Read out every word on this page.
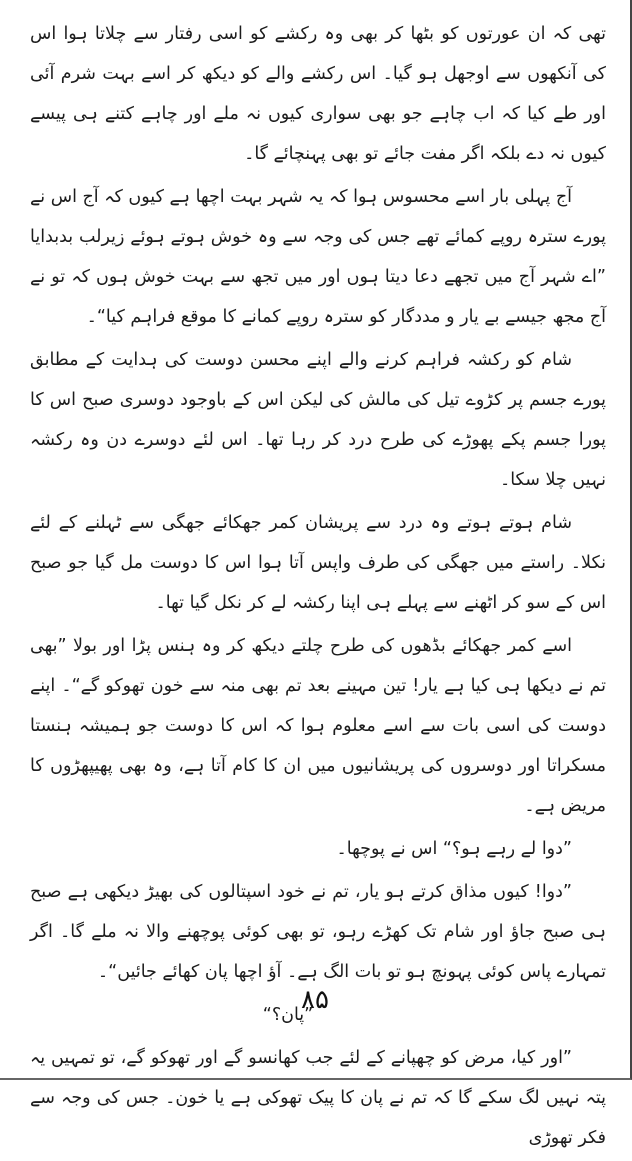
تھی کہ ان عورتوں کو بٹھا کر بھی وہ رکشے کو اسی رفتار سے چلاتا ہوا اس کی آنکھوں سے اوجھل ہو گیا۔ اس رکشے والے کو دیکھ کر اسے بہت شرم آئی اور طے کیا کہ اب چاہے جو بھی سواری کیوں نہ ملے اور چاہے کتنے ہی پیسے کیوں نہ دے بلکہ اگر مفت جائے تو بھی پہنچائے گا۔

آج پہلی بار اسے محسوس ہوا کہ یہ شہر بہت اچھا ہے کیوں کہ آج اس نے پورے سترہ روپے کمائے تھے جس کی وجہ سے وہ خوش ہوتے ہوئے زیرلب بدبدایا ”اے شہر آج میں تجھے دعا دیتا ہوں اور میں تجھ سے بہت خوش ہوں کہ تو نے آج مجھ جیسے بے یار و مددگار کو سترہ روپے کمانے کا موقع فراہم کیا“۔

شام کو رکشہ فراہم کرنے والے اپنے محسن دوست کی ہدایت کے مطابق پورے جسم پر کڑوے تیل کی مالش کی لیکن اس کے باوجود دوسری صبح اس کا پورا جسم پکے پھوڑے کی طرح درد کر رہا تھا۔ اس لئے دوسرے دن وہ رکشہ نہیں چلا سکا۔

شام ہوتے ہوتے وہ درد سے پریشان کمر جھکائے جھگی سے ٹہلنے کے لئے نکلا۔ راستے میں جھگی کی طرف واپس آتا ہوا اس کا دوست مل گیا جو صبح اس کے سو کر اٹھنے سے پہلے ہی اپنا رکشہ لے کر نکل گیا تھا۔

اسے کمر جھکائے بڈھوں کی طرح چلتے دیکھ کر وہ ہنس پڑا اور بولا ”بھی تم نے دیکھا ہی کیا ہے یار! تین مہینے بعد تم بھی منہ سے خون تھوکو گے“۔ اپنے دوست کی اسی بات سے اسے معلوم ہوا کہ اس کا دوست جو ہمیشہ ہنستا مسکراتا اور دوسروں کی پریشانیوں میں ان کا کام آتا ہے، وہ بھی پھیپھڑوں کا مریض ہے۔

”دوا لے رہے ہو؟“ اس نے پوچھا۔

”دوا! کیوں مذاق کرتے ہو یار، تم نے خود اسپتالوں کی بھیڑ دیکھی ہے صبح ہی صبح جاؤ اور شام تک کھڑے رہو، تو بھی کوئی پوچھنے والا نہ ملے گا۔ اگر تمہارے پاس کوئی پہونچ ہو تو بات الگ ہے۔ آؤ اچھا پان کھائے جائیں“۔

”پان؟“

”اور کیا، مرض کو چھپانے کے لئے جب کھانسو گے اور تھوکو گے، تو تمہیں یہ پتہ نہیں لگ سکے گا کہ تم نے پان کا پیک تھوکی ہے یا خون۔ جس کی وجہ سے فکر تھوڑی

۸۵
